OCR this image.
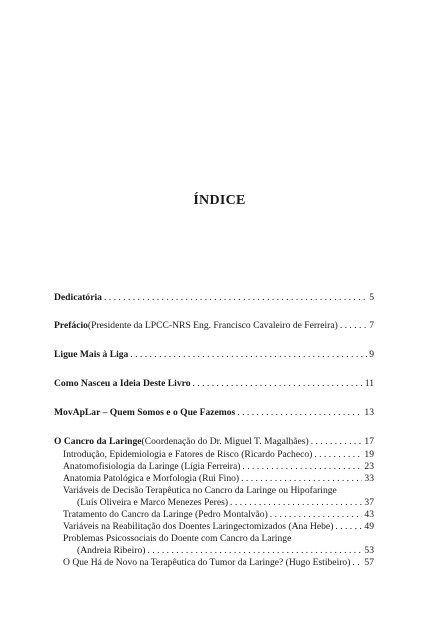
ÍNDICE
Dedicatória . . .	5
Prefácio (Presidente da LPCC-NRS Eng. Francisco Cavaleiro de Ferreira) . . .	7
Ligue Mais à Liga . . .	9
Como Nasceu a Ideia Deste Livro . . .	11
MovApLar – Quem Somos e o Que Fazemos . . .	13
O Cancro da Laringe (Coordenação do Dr. Miguel T. Magalhães) . . .	17
Introdução, Epidemiologia e Fatores de Risco (Ricardo Pacheco) . . .	19
Anatomofisiologia da Laringe (Lígia Ferreira) . . .	23
Anatomia Patológica e Morfologia (Rui Fino) . . .	33
Variáveis de Decisão Terapêutica no Cancro da Laringe ou Hipofaringe
(Luís Oliveira e Marco Menezes Peres) . . .	37
Tratamento do Cancro da Laringe (Pedro Montalvão) . . .	43
Variáveis na Reabilitação dos Doentes Laringectomizados (Ana Hebe) . . .	49
Problemas Psicossociais do Doente com Cancro da Laringe
(Andreia Ribeiro) . . .	53
O Que Há de Novo na Terapêutica do Tumor da Laringe? (Hugo Estibeiro) . . . 57
